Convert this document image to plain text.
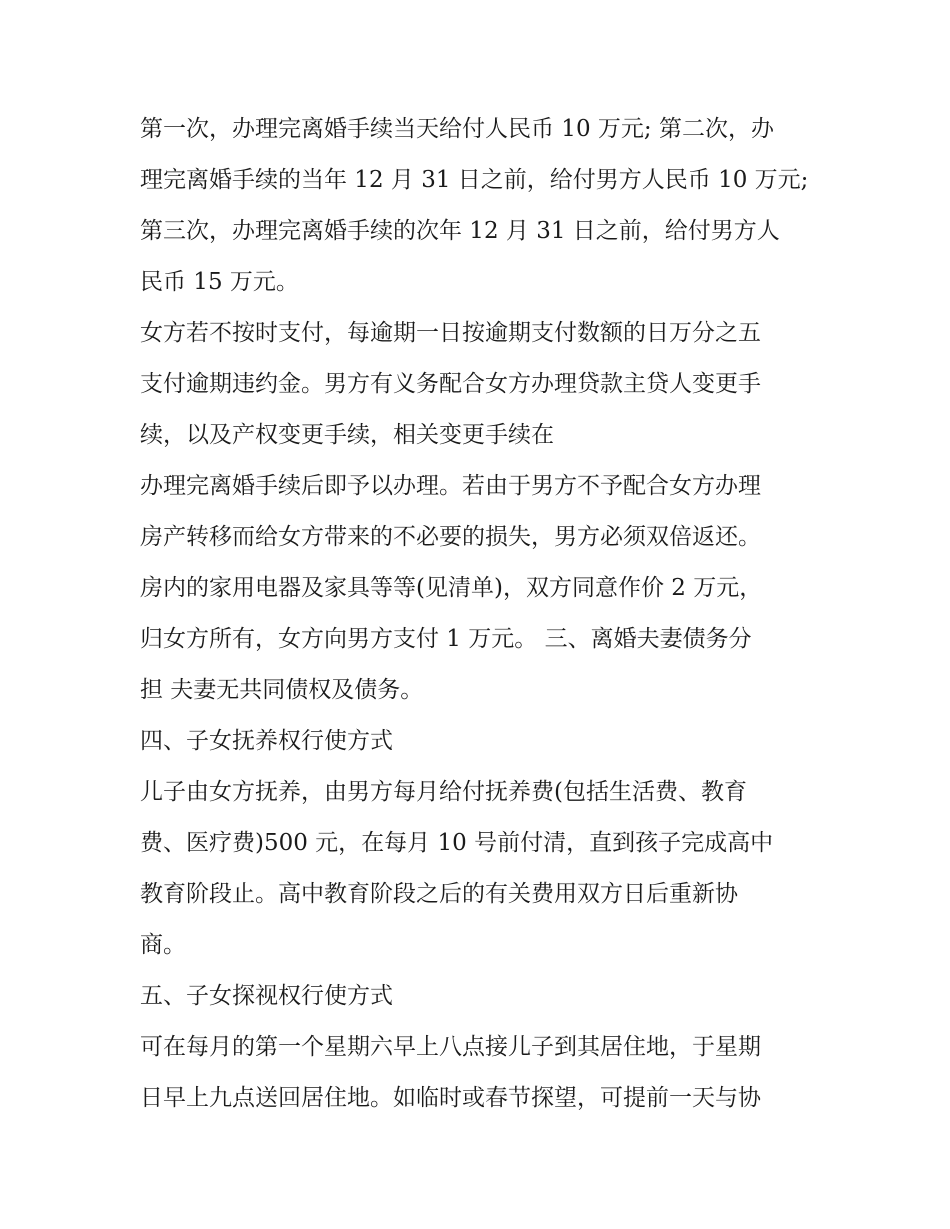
第一次，办理完离婚手续当天给付人民币 10 万元; 第二次，办
理完离婚手续的当年 12 月 31 日之前，给付男方人民币 10 万元;
第三次，办理完离婚手续的次年 12 月 31 日之前，给付男方人
民币 15 万元。
女方若不按时支付，每逾期一日按逾期支付数额的日万分之五
支付逾期违约金。男方有义务配合女方办理贷款主贷人变更手
续，以及产权变更手续，相关变更手续在
办理完离婚手续后即予以办理。若由于男方不予配合女方办理
房产转移而给女方带来的不必要的损失，男方必须双倍返还。
房内的家用电器及家具等等(见清单)，双方同意作价 2 万元，
归女方所有，女方向男方支付 1 万元。 三、离婚夫妻债务分
担 夫妻无共同债权及债务。
四、子女抚养权行使方式
儿子由女方抚养，由男方每月给付抚养费(包括生活费、教育
费、医疗费)500 元，在每月 10 号前付清，直到孩子完成高中
教育阶段止。高中教育阶段之后的有关费用双方日后重新协
商。
五、子女探视权行使方式
可在每月的第一个星期六早上八点接儿子到其居住地，于星期
日早上九点送回居住地。如临时或春节探望，可提前一天与协
